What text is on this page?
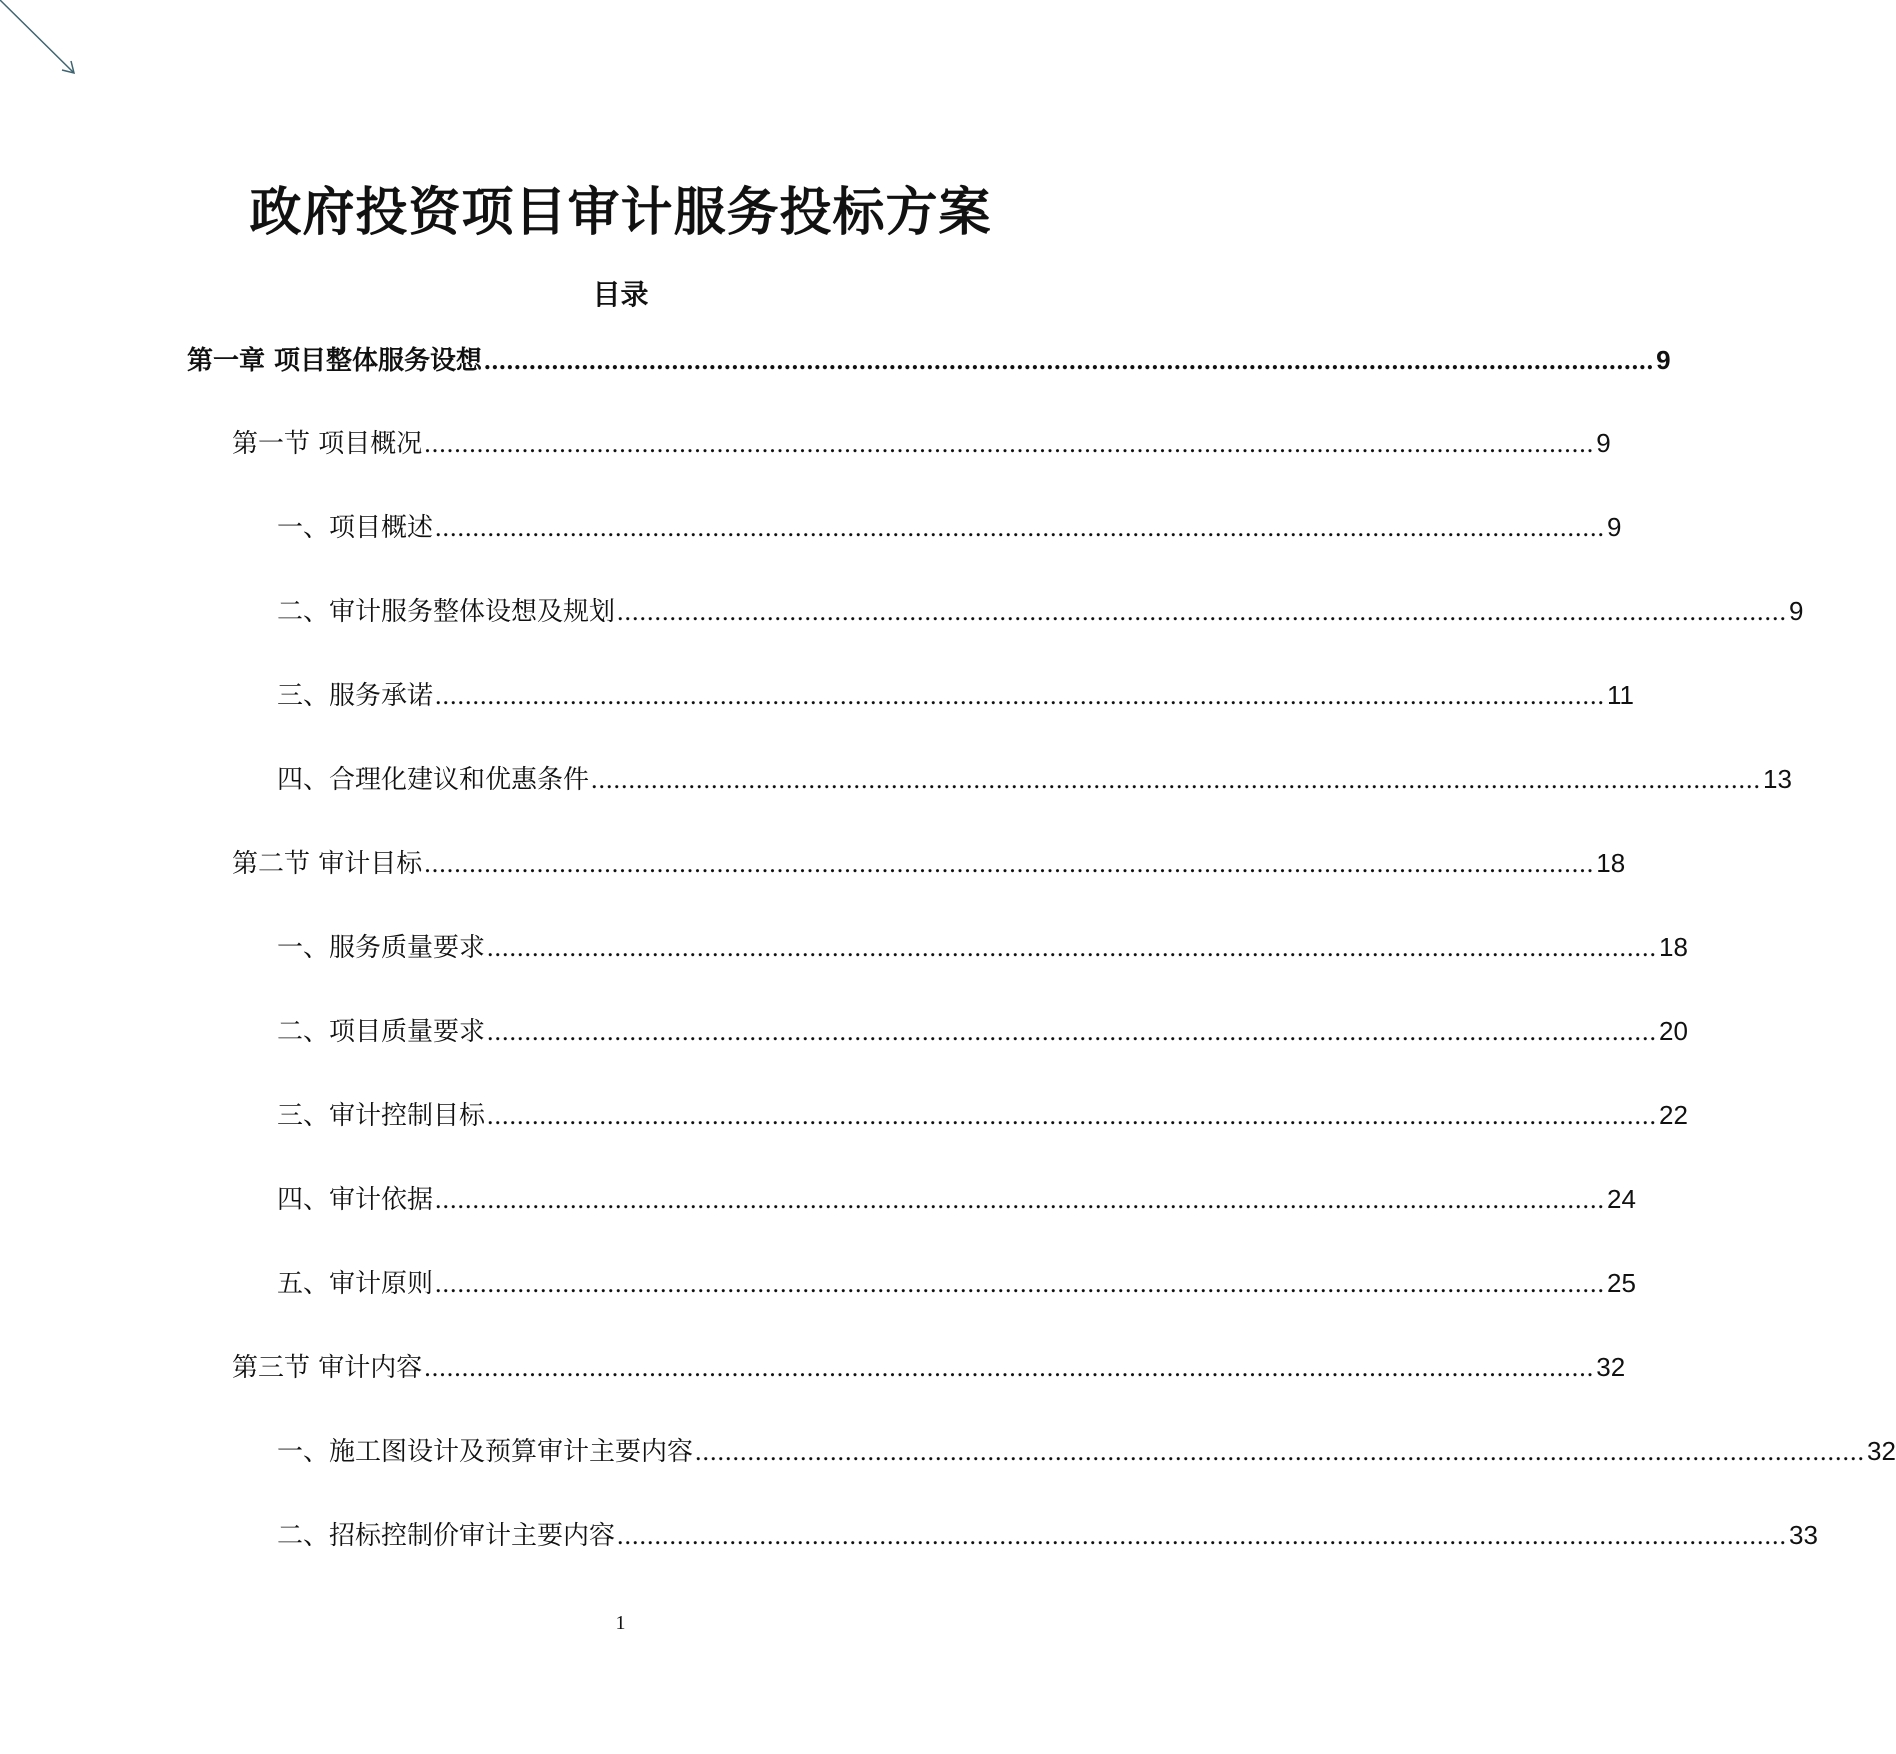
政府投资项目审计服务投标方案
目录
第一章 项目整体服务设想 ............................................................................................................................................................ 9
第一节 项目概况 ............................................................................................................................................................ 9
一、项目概述 ............................................................................................................................................................ 9
二、审计服务整体设想及规划 ............................................................................................................................................................ 9
三、服务承诺 ............................................................................................................................................................ 11
四、合理化建议和优惠条件 ............................................................................................................................................................ 13
第二节 审计目标 ............................................................................................................................................................ 18
一、服务质量要求 ............................................................................................................................................................ 18
二、项目质量要求 ............................................................................................................................................................ 20
三、审计控制目标 ............................................................................................................................................................ 22
四、审计依据 ............................................................................................................................................................ 24
五、审计原则 ............................................................................................................................................................ 25
第三节 审计内容 ............................................................................................................................................................ 32
一、施工图设计及预算审计主要内容 ............................................................................................................................................................ 32
二、招标控制价审计主要内容 ............................................................................................................................................................ 33
1
